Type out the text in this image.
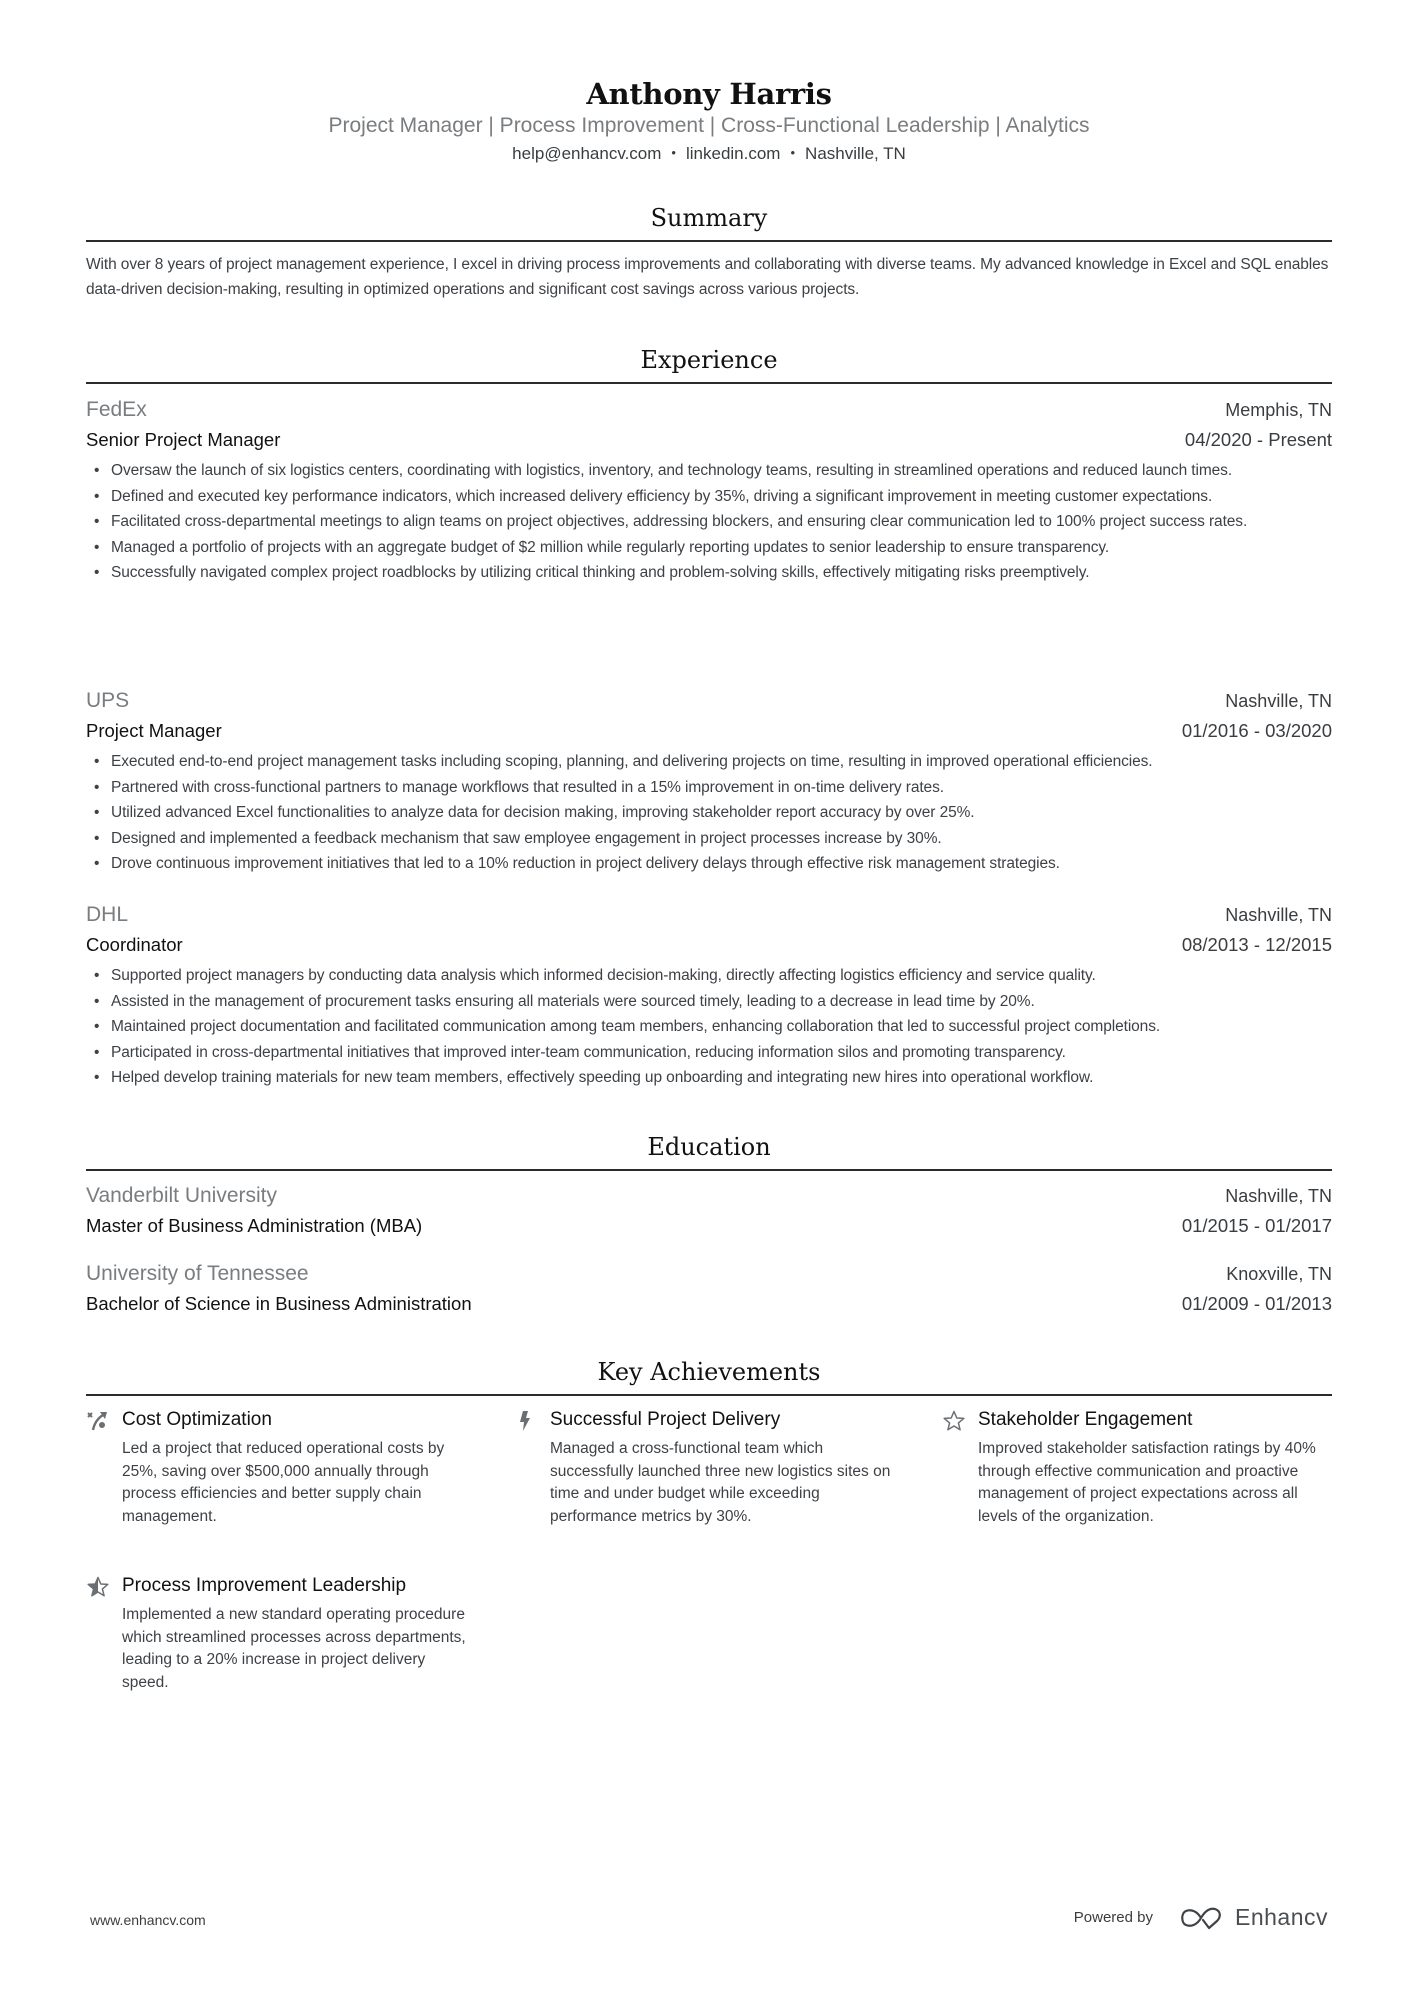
Anthony Harris
Project Manager | Process Improvement | Cross-Functional Leadership | Analytics
help@enhancv.com • linkedin.com • Nashville, TN
Summary
With over 8 years of project management experience, I excel in driving process improvements and collaborating with diverse teams. My advanced knowledge in Excel and SQL enables data-driven decision-making, resulting in optimized operations and significant cost savings across various projects.
Experience
FedEx	Memphis, TN
Senior Project Manager	04/2020 - Present
• Oversaw the launch of six logistics centers, coordinating with logistics, inventory, and technology teams, resulting in streamlined operations and reduced launch times.
• Defined and executed key performance indicators, which increased delivery efficiency by 35%, driving a significant improvement in meeting customer expectations.
• Facilitated cross-departmental meetings to align teams on project objectives, addressing blockers, and ensuring clear communication led to 100% project success rates.
• Managed a portfolio of projects with an aggregate budget of $2 million while regularly reporting updates to senior leadership to ensure transparency.
• Successfully navigated complex project roadblocks by utilizing critical thinking and problem-solving skills, effectively mitigating risks preemptively.
UPS	Nashville, TN
Project Manager	01/2016 - 03/2020
• Executed end-to-end project management tasks including scoping, planning, and delivering projects on time, resulting in improved operational efficiencies.
• Partnered with cross-functional partners to manage workflows that resulted in a 15% improvement in on-time delivery rates.
• Utilized advanced Excel functionalities to analyze data for decision making, improving stakeholder report accuracy by over 25%.
• Designed and implemented a feedback mechanism that saw employee engagement in project processes increase by 30%.
• Drove continuous improvement initiatives that led to a 10% reduction in project delivery delays through effective risk management strategies.
DHL	Nashville, TN
Coordinator	08/2013 - 12/2015
• Supported project managers by conducting data analysis which informed decision-making, directly affecting logistics efficiency and service quality.
• Assisted in the management of procurement tasks ensuring all materials were sourced timely, leading to a decrease in lead time by 20%.
• Maintained project documentation and facilitated communication among team members, enhancing collaboration that led to successful project completions.
• Participated in cross-departmental initiatives that improved inter-team communication, reducing information silos and promoting transparency.
• Helped develop training materials for new team members, effectively speeding up onboarding and integrating new hires into operational workflow.
Education
Vanderbilt University	Nashville, TN
Master of Business Administration (MBA)	01/2015 - 01/2017
University of Tennessee	Knoxville, TN
Bachelor of Science in Business Administration	01/2009 - 01/2013
Key Achievements
Cost Optimization
Led a project that reduced operational costs by 25%, saving over $500,000 annually through process efficiencies and better supply chain management.
Successful Project Delivery
Managed a cross-functional team which successfully launched three new logistics sites on time and under budget while exceeding performance metrics by 30%.
Stakeholder Engagement
Improved stakeholder satisfaction ratings by 40% through effective communication and proactive management of project expectations across all levels of the organization.
Process Improvement Leadership
Implemented a new standard operating procedure which streamlined processes across departments, leading to a 20% increase in project delivery speed.
www.enhancv.com	Powered by	Enhancv
